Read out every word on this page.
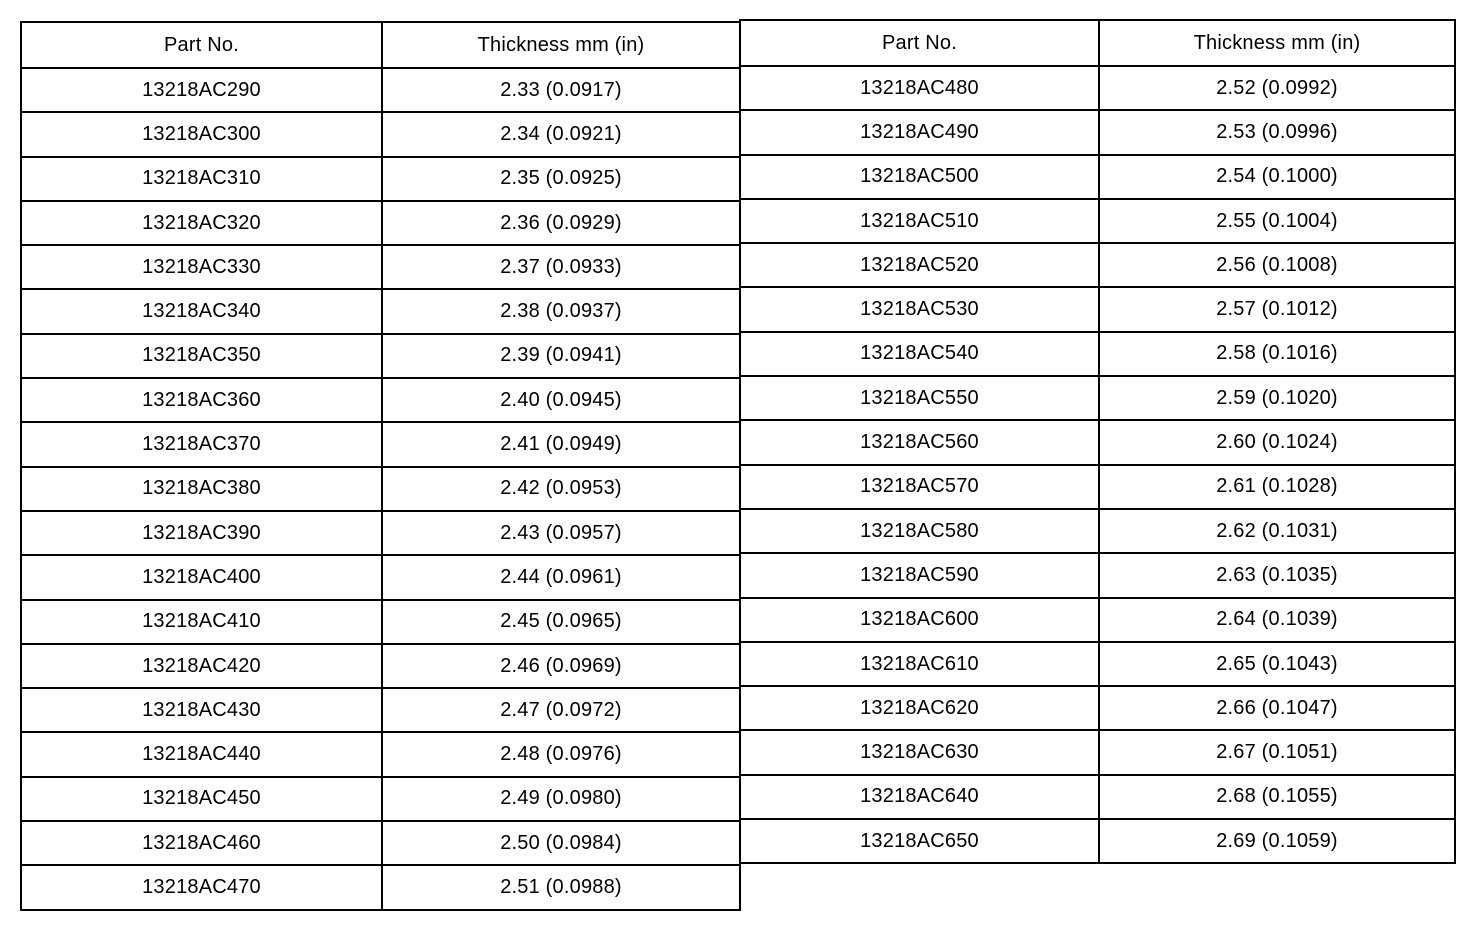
Part No.	Thickness mm (in)
13218AC290	2.33 (0.0917)
13218AC300	2.34 (0.0921)
13218AC310	2.35 (0.0925)
13218AC320	2.36 (0.0929)
13218AC330	2.37 (0.0933)
13218AC340	2.38 (0.0937)
13218AC350	2.39 (0.0941)
13218AC360	2.40 (0.0945)
13218AC370	2.41 (0.0949)
13218AC380	2.42 (0.0953)
13218AC390	2.43 (0.0957)
13218AC400	2.44 (0.0961)
13218AC410	2.45 (0.0965)
13218AC420	2.46 (0.0969)
13218AC430	2.47 (0.0972)
13218AC440	2.48 (0.0976)
13218AC450	2.49 (0.0980)
13218AC460	2.50 (0.0984)
13218AC470	2.51 (0.0988)
Part No.	Thickness mm (in)
13218AC480	2.52 (0.0992)
13218AC490	2.53 (0.0996)
13218AC500	2.54 (0.1000)
13218AC510	2.55 (0.1004)
13218AC520	2.56 (0.1008)
13218AC530	2.57 (0.1012)
13218AC540	2.58 (0.1016)
13218AC550	2.59 (0.1020)
13218AC560	2.60 (0.1024)
13218AC570	2.61 (0.1028)
13218AC580	2.62 (0.1031)
13218AC590	2.63 (0.1035)
13218AC600	2.64 (0.1039)
13218AC610	2.65 (0.1043)
13218AC620	2.66 (0.1047)
13218AC630	2.67 (0.1051)
13218AC640	2.68 (0.1055)
13218AC650	2.69 (0.1059)
